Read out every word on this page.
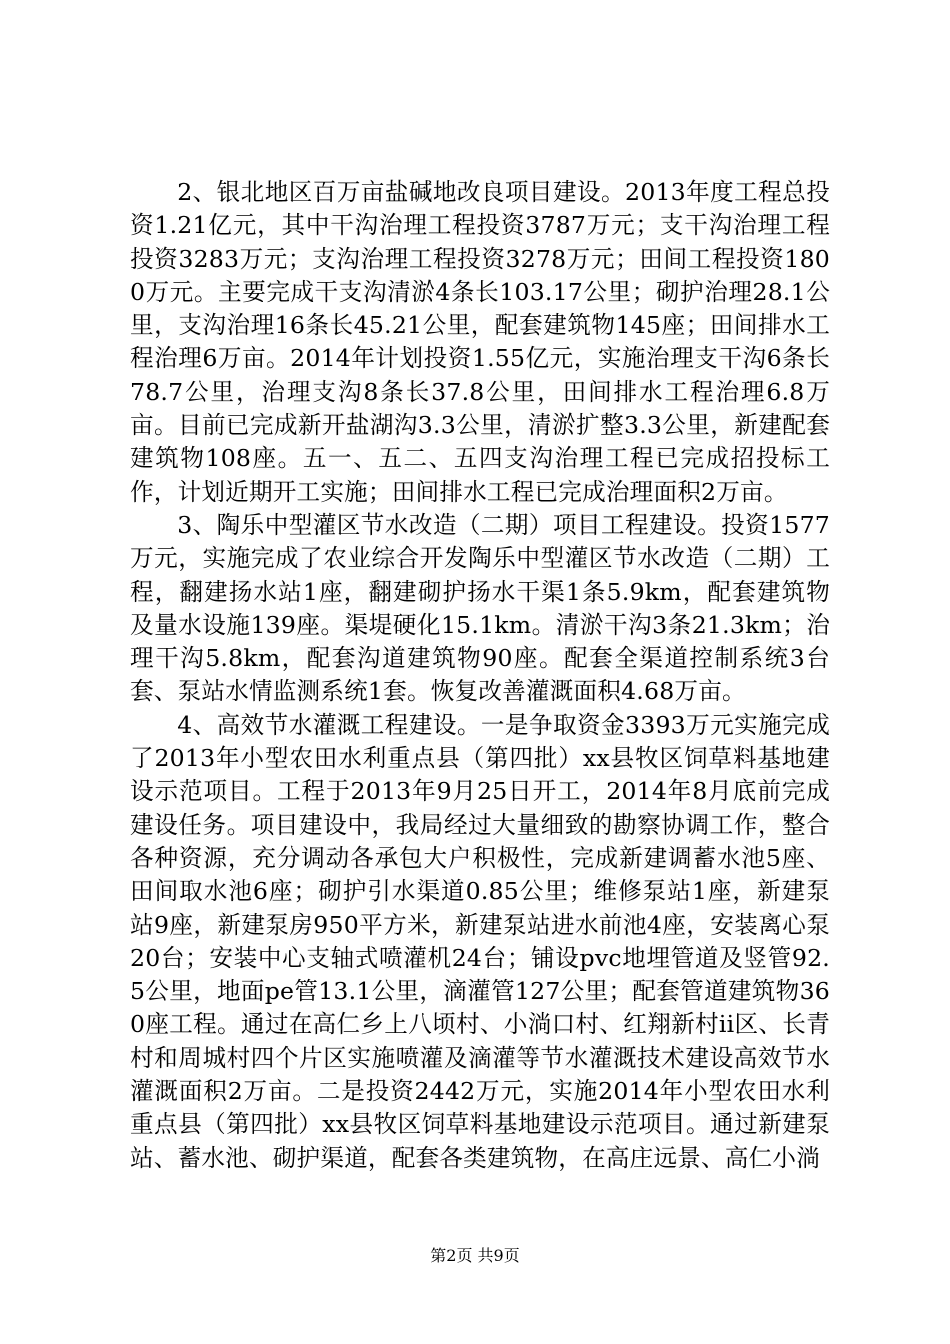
2、银北地区百万亩盐碱地改良项目建设。2013年度工程总投资1.21亿元，其中干沟治理工程投资3787万元；支干沟治理工程投资3283万元；支沟治理工程投资3278万元；田间工程投资1800万元。主要完成干支沟清淤4条长103.17公里；砌护治理28.1公里，支沟治理16条长45.21公里，配套建筑物145座；田间排水工程治理6万亩。2014年计划投资1.55亿元，实施治理支干沟6条长78.7公里，治理支沟8条长37.8公里，田间排水工程治理6.8万亩。目前已完成新开盐湖沟3.3公里，清淤扩整3.3公里，新建配套建筑物108座。五一、五二、五四支沟治理工程已完成招投标工作，计划近期开工实施；田间排水工程已完成治理面积2万亩。

3、陶乐中型灌区节水改造（二期）项目工程建设。投资1577万元，实施完成了农业综合开发陶乐中型灌区节水改造（二期）工程，翻建扬水站1座，翻建砌护扬水干渠1条5.9km，配套建筑物及量水设施139座。渠堤硬化15.1km。清淤干沟3条21.3km；治理干沟5.8km，配套沟道建筑物90座。配套全渠道控制系统3台套、泵站水情监测系统1套。恢复改善灌溉面积4.68万亩。

4、高效节水灌溉工程建设。一是争取资金3393万元实施完成了2013年小型农田水利重点县（第四批）xx县牧区饲草料基地建设示范项目。工程于2013年9月25日开工，2014年8月底前完成建设任务。项目建设中，我局经过大量细致的勘察协调工作，整合各种资源，充分调动各承包大户积极性，完成新建调蓄水池5座、田间取水池6座；砌护引水渠道0.85公里；维修泵站1座，新建泵站9座，新建泵房950平方米，新建泵站进水前池4座，安装离心泵20台；安装中心支轴式喷灌机24台；铺设pvc地埋管道及竖管92.5公里，地面pe管13.1公里，滴灌管127公里；配套管道建筑物360座工程。通过在高仁乡上八顷村、小淌口村、红翔新村ii区、长青村和周城村四个片区实施喷灌及滴灌等节水灌溉技术建设高效节水灌溉面积2万亩。二是投资2442万元，实施2014年小型农田水利重点县（第四批）xx县牧区饲草料基地建设示范项目。通过新建泵站、蓄水池、砌护渠道，配套各类建筑物，在高庄远景、高仁小淌

第2页 共9页
